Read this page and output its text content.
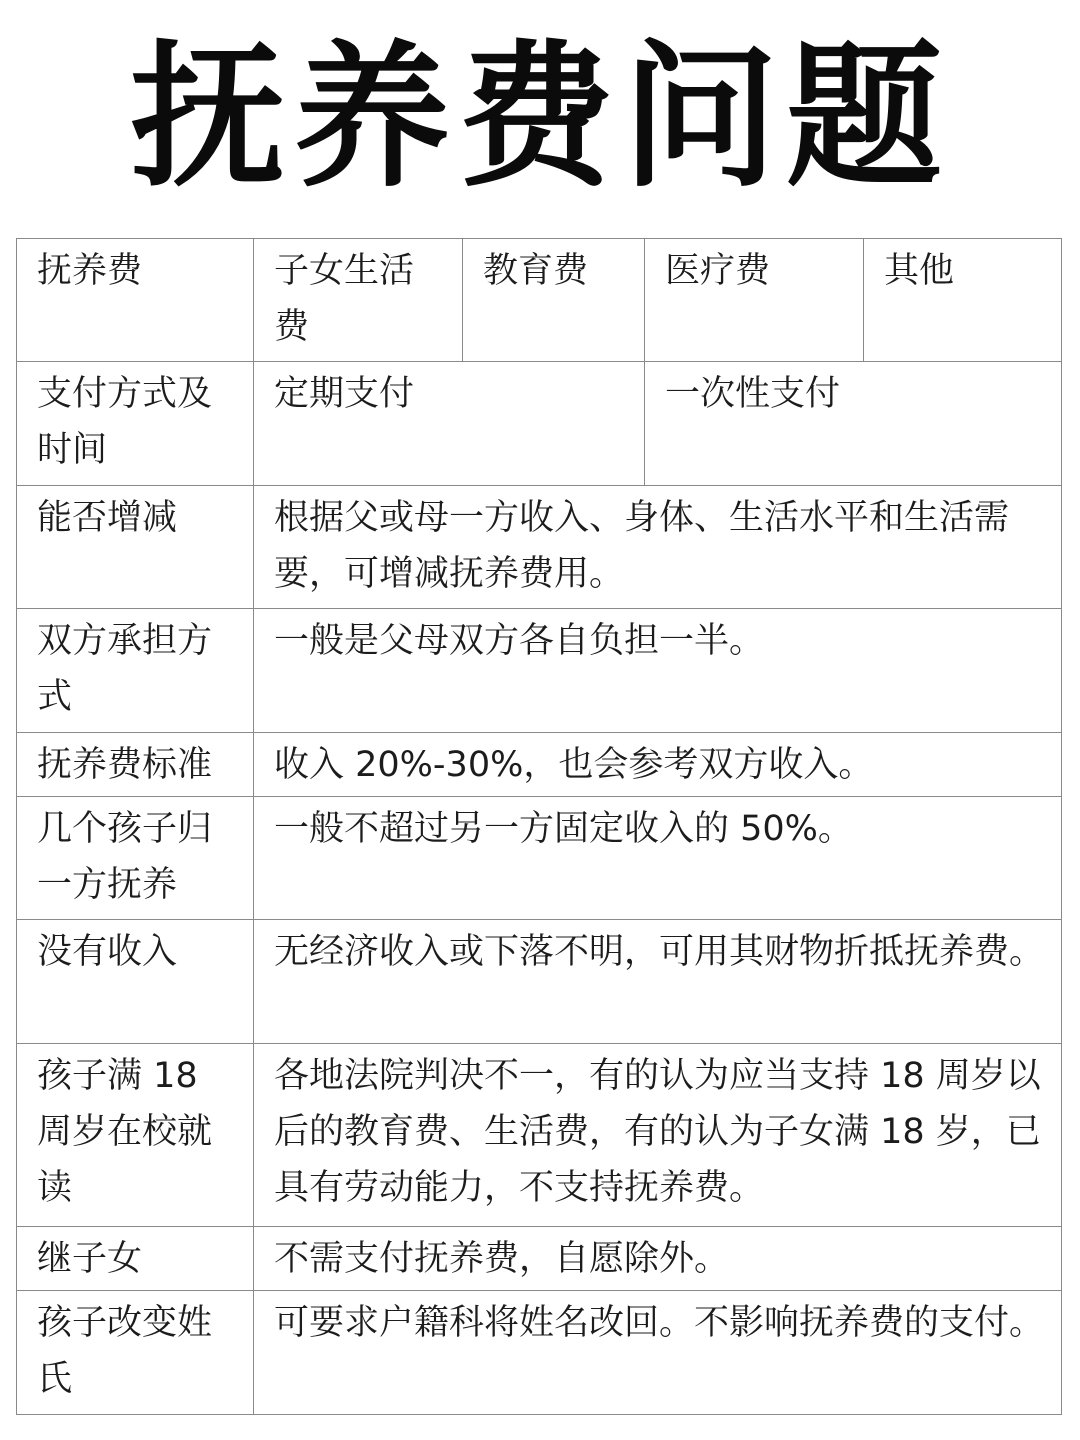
抚养费问题
抚养费	子女生活费	教育费	医疗费	其他

支付方式及时间	定期支付		一次性支付	

能否增减	根据父或母一方收入、身体、生活水平和生活需要，可增减抚养费用。			

双方承担方式	一般是父母双方各自负担一半。			

抚养费标准	收入 20%-30%，也会参考双方收入。			

几个孩子归一方抚养	一般不超过另一方固定收入的 50%。			

没有收入	无经济收入或下落不明，可用其财物折抵抚养费。			

孩子满 18 周岁在校就读	各地法院判决不一，有的认为应当支持 18 周岁以后的教育费、生活费，有的认为子女满 18 岁，已具有劳动能力，不支持抚养费。			

继子女	不需支付抚养费，自愿除外。			

孩子改变姓氏	可要求户籍科将姓名改回。不影响抚养费的支付。			
